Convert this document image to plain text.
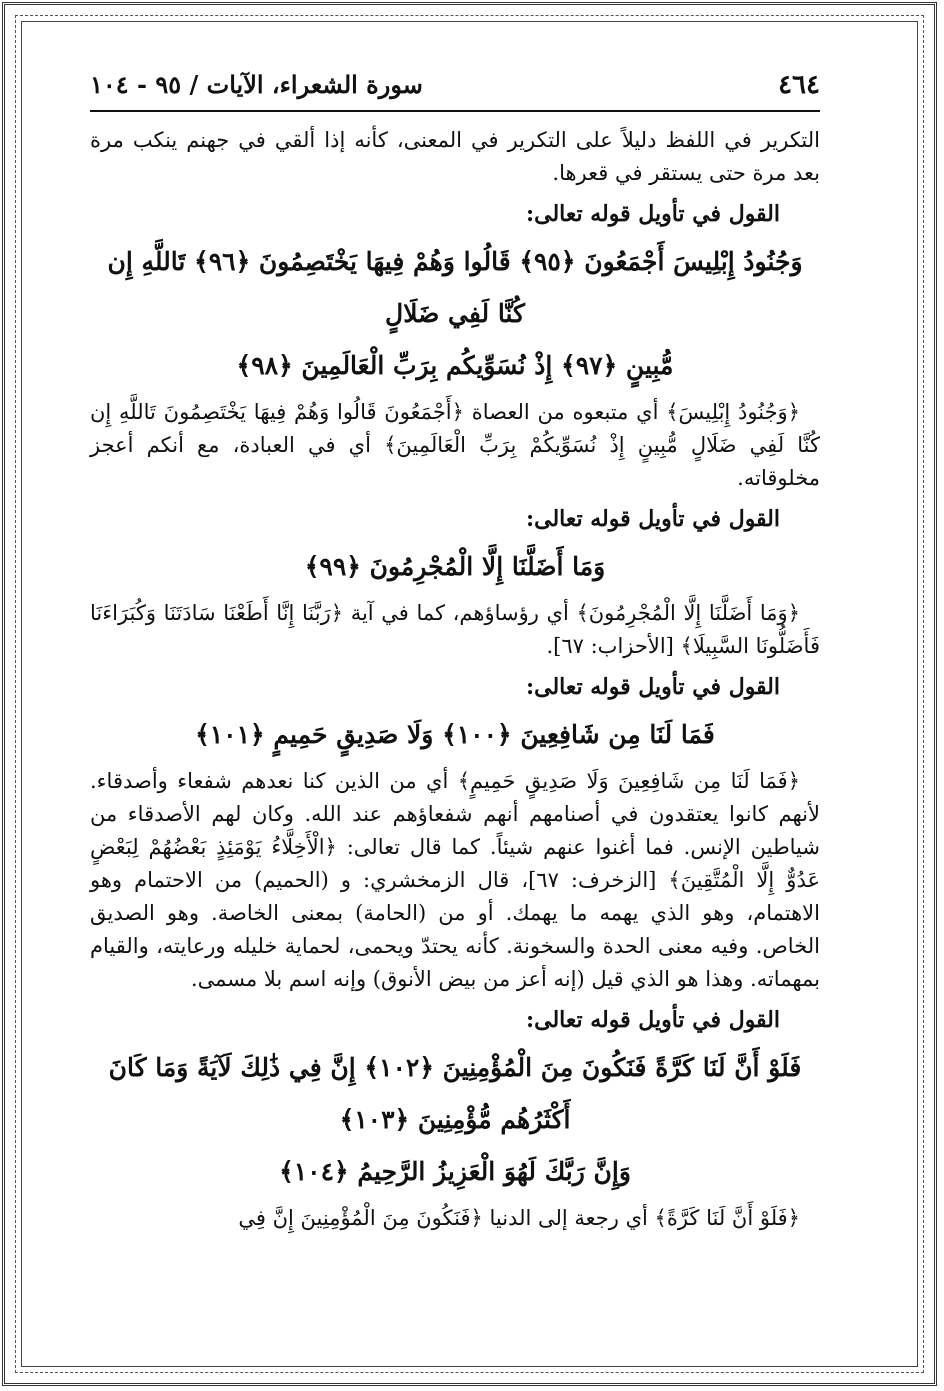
٤٦٤
سورة الشعراء، الآيات / ٩٥ - ١٠٤

التكرير في اللفظ دليلاً على التكرير في المعنى، كأنه إذا ألقي في جهنم ينكب مرة بعد مرة حتى يستقر في قعرها.

القول في تأويل قوله تعالى:
وَجُنُودُ إِبْلِيسَ أَجْمَعُونَ ﴿٩٥﴾ قَالُوا وَهُمْ فِيهَا يَخْتَصِمُونَ ﴿٩٦﴾ تَاللَّهِ إِن كُنَّا لَفِي ضَلَالٍ
مُّبِينٍ ﴿٩٧﴾ إِذْ نُسَوِّيكُم بِرَبِّ الْعَالَمِينَ ﴿٩٨﴾

﴿وَجُنُودُ إِبْلِيسَ﴾ أي متبعوه من العصاة ﴿أَجْمَعُونَ قَالُوا وَهُمْ فِيهَا يَخْتَصِمُونَ تَاللَّهِ إِن كُنَّا لَفِي ضَلَالٍ مُّبِينٍ إِذْ نُسَوِّيكُمْ بِرَبِّ الْعَالَمِينَ﴾ أي في العبادة، مع أنكم أعجز مخلوقاته.

القول في تأويل قوله تعالى:
وَمَا أَضَلَّنَا إِلَّا الْمُجْرِمُونَ ﴿٩٩﴾

﴿وَمَا أَضَلَّنَا إِلَّا الْمُجْرِمُونَ﴾ أي رؤساؤهم، كما في آية ﴿رَبَّنَا إِنَّا أَطَعْنَا سَادَتَنَا وَكُبَرَاءَنَا فَأَضَلُّونَا السَّبِيلَا﴾ [الأحزاب: ٦٧].

القول في تأويل قوله تعالى:
فَمَا لَنَا مِن شَافِعِينَ ﴿١٠٠﴾ وَلَا صَدِيقٍ حَمِيمٍ ﴿١٠١﴾

﴿فَمَا لَنَا مِن شَافِعِينَ وَلَا صَدِيقٍ حَمِيمٍ﴾ أي من الذين كنا نعدهم شفعاء وأصدقاء. لأنهم كانوا يعتقدون في أصنامهم أنهم شفعاؤهم عند الله. وكان لهم الأصدقاء من شياطين الإنس. فما أغنوا عنهم شيئاً. كما قال تعالى: ﴿الْأَخِلَّاءُ يَوْمَئِذٍ بَعْضُهُمْ لِبَعْضٍ عَدُوٌّ إِلَّا الْمُتَّقِينَ﴾ [الزخرف: ٦٧]، قال الزمخشري: و (الحميم) من الاحتمام وهو الاهتمام، وهو الذي يهمه ما يهمك. أو من (الحامة) بمعنى الخاصة. وهو الصديق الخاص. وفيه معنى الحدة والسخونة. كأنه يحتدّ ويحمى، لحماية خليله ورعايته، والقيام بمهماته. وهذا هو الذي قيل (إنه أعز من بيض الأنوق) وإنه اسم بلا مسمى.

القول في تأويل قوله تعالى:
فَلَوْ أَنَّ لَنَا كَرَّةً فَنَكُونَ مِنَ الْمُؤْمِنِينَ ﴿١٠٢﴾ إِنَّ فِي ذَٰلِكَ لَآيَةً وَمَا كَانَ أَكْثَرُهُم مُّؤْمِنِينَ ﴿١٠٣﴾
وَإِنَّ رَبَّكَ لَهُوَ الْعَزِيزُ الرَّحِيمُ ﴿١٠٤﴾

﴿فَلَوْ أَنَّ لَنَا كَرَّةً﴾ أي رجعة إلى الدنيا ﴿فَنَكُونَ مِنَ الْمُؤْمِنِينَ إِنَّ فِي
